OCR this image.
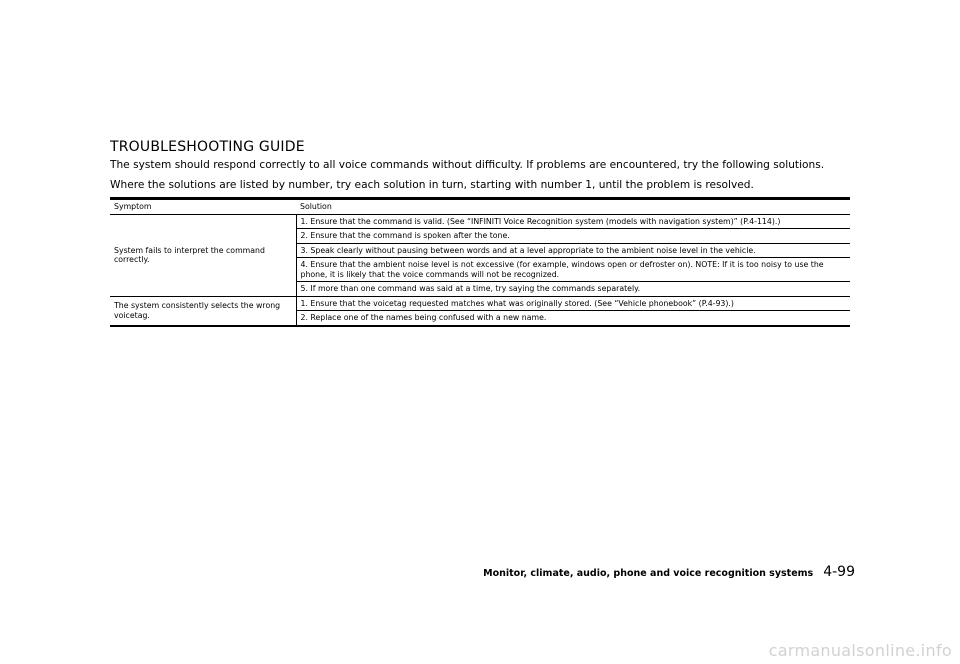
TROUBLESHOOTING GUIDE
The system should respond correctly to all voice commands without difficulty. If problems are encountered, try the following solutions.
Where the solutions are listed by number, try each solution in turn, starting with number 1, until the problem is resolved.
Symptom	Solution
System fails to interpret the command correctly.	1. Ensure that the command is valid. (See “INFINITI Voice Recognition system (models with navigation system)” (P.4-114).)
	2. Ensure that the command is spoken after the tone.
	3. Speak clearly without pausing between words and at a level appropriate to the ambient noise level in the vehicle.
	4. Ensure that the ambient noise level is not excessive (for example, windows open or defroster on). NOTE: If it is too noisy to use the phone, it is likely that the voice commands will not be recognized.
	5. If more than one command was said at a time, try saying the commands separately.
The system consistently selects the wrong voicetag.	1. Ensure that the voicetag requested matches what was originally stored. (See “Vehicle phonebook” (P.4-93).)
	2. Replace one of the names being confused with a new name.
Monitor, climate, audio, phone and voice recognition systems 4-99
carmanualsonline.info
